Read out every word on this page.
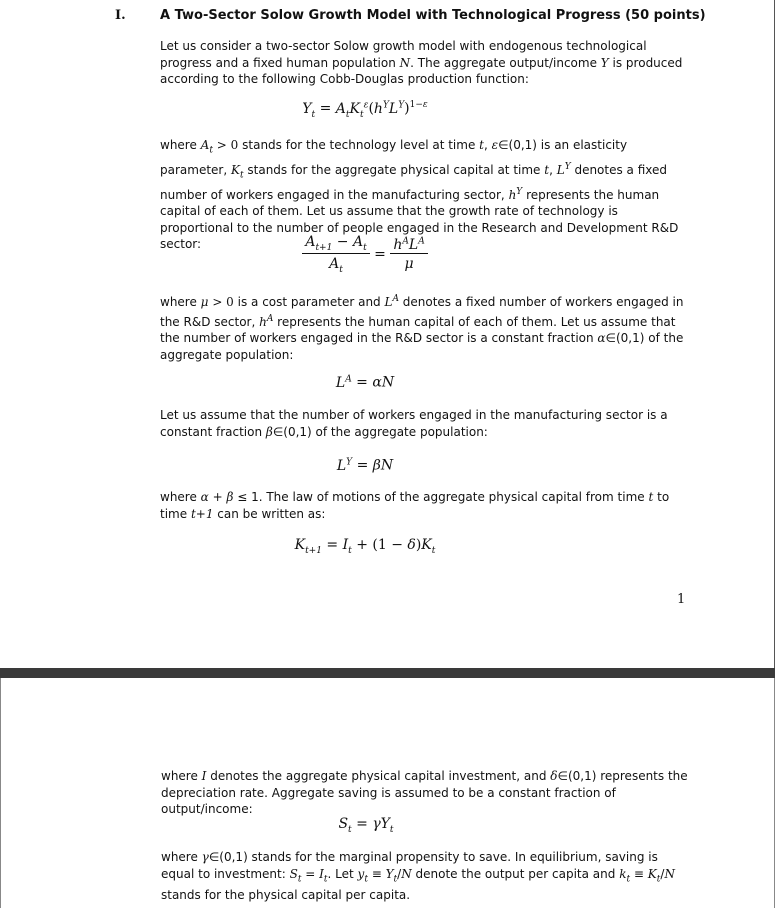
I.	A Two-Sector Solow Growth Model with Technological Progress (50 points)

Let us consider a two-sector Solow growth model with endogenous technological progress and a fixed human population N. The aggregate output/income Y is produced according to the following Cobb-Douglas production function:

$Y_t = A_tK_t^\varepsilon(h^YL^Y)^{1-\varepsilon}$

where $A_t > 0$ stands for the technology level at time t, ε∈(0,1) is an elasticity parameter, $K_t$ stands for the aggregate physical capital at time t, $L^Y$ denotes a fixed number of workers engaged in the manufacturing sector, $h^Y$ represents the human capital of each of them. Let us assume that the growth rate of technology is proportional to the number of people engaged in the Research and Development R&D sector:	$\frac{A_{t+1} - A_t}{A_t} = \frac{h^AL^A}{\mu}$

where μ > 0 is a cost parameter and $L^A$ denotes a fixed number of workers engaged in the R&D sector, $h^A$ represents the human capital of each of them. Let us assume that the number of workers engaged in the R&D sector is a constant fraction α∈(0,1) of the aggregate population:

$L^A = \alpha N$

Let us assume that the number of workers engaged in the manufacturing sector is a constant fraction β∈(0,1) of the aggregate population:

$L^Y = \beta N$

where α + β ≤ 1. The law of motions of the aggregate physical capital from time t to time t+1 can be written as:

$K_{t+1} = I_t + (1 - \delta)K_t$
1

where I denotes the aggregate physical capital investment, and δ∈(0,1) represents the depreciation rate. Aggregate saving is assumed to be a constant fraction of output/income:

$S_t = \gamma Y_t$

where γ∈(0,1) stands for the marginal propensity to save. In equilibrium, saving is equal to investment: $S_t = I_t$. Let $y_t \equiv Y_t/N$ denote the output per capita and $k_t \equiv K_t/N$ stands for the physical capital per capita.
